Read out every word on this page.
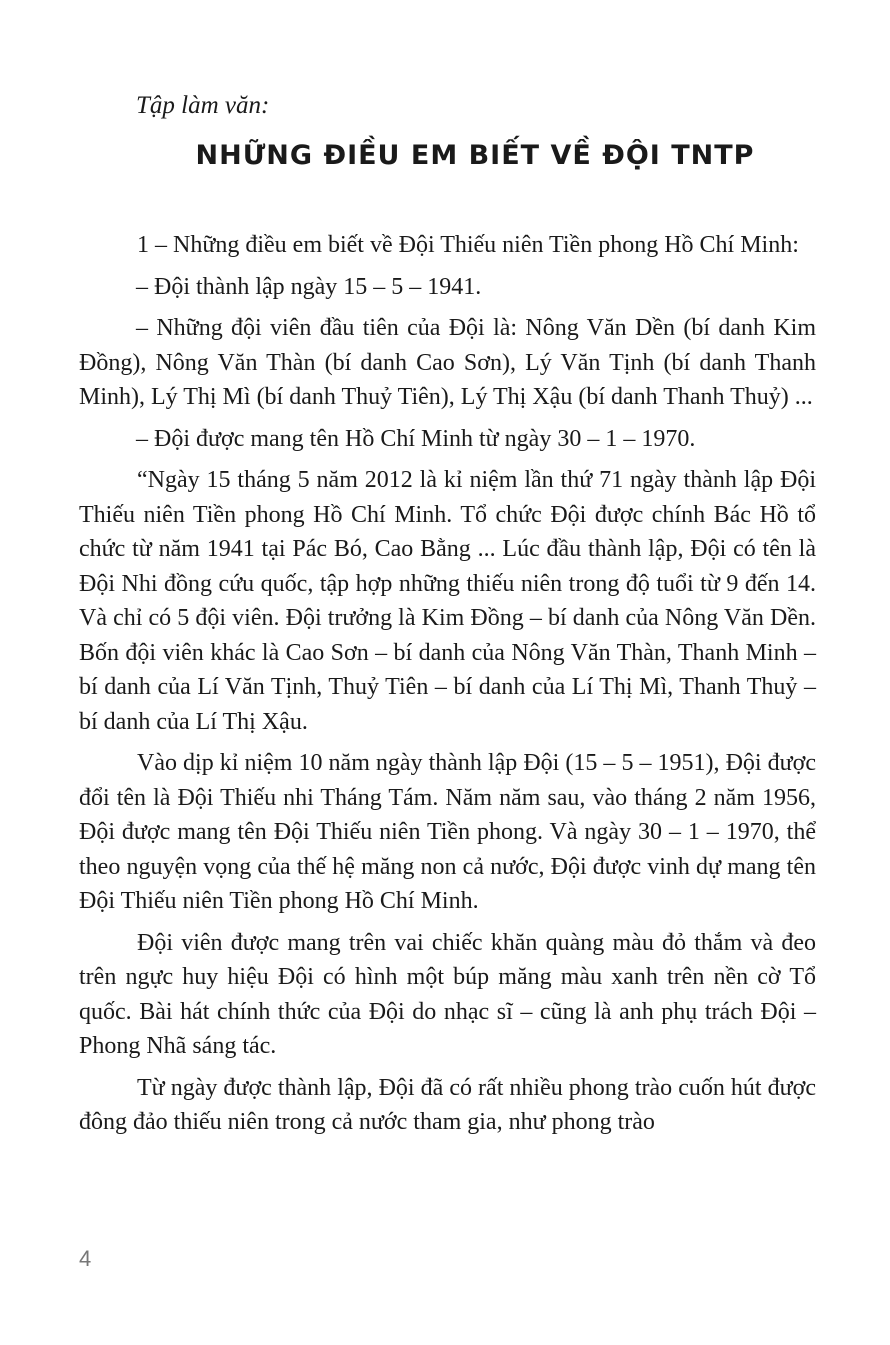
Tập làm văn:

NHỮNG ĐIỀU EM BIẾT VỀ ĐỘI TNTP

1 – Những điều em biết về Đội Thiếu niên Tiền phong Hồ Chí Minh:

– Đội thành lập ngày 15 – 5 – 1941.

– Những đội viên đầu tiên của Đội là: Nông Văn Dền (bí danh Kim Đồng), Nông Văn Thàn (bí danh Cao Sơn), Lý Văn Tịnh (bí danh Thanh Minh), Lý Thị Mì (bí danh Thuỷ Tiên), Lý Thị Xậu (bí danh Thanh Thuỷ) ...

– Đội được mang tên Hồ Chí Minh từ ngày 30 – 1 – 1970.

“Ngày 15 tháng 5 năm 2012 là kỉ niệm lần thứ 71 ngày thành lập Đội Thiếu niên Tiền phong Hồ Chí Minh. Tổ chức Đội được chính Bác Hồ tổ chức từ năm 1941 tại Pác Bó, Cao Bằng ... Lúc đầu thành lập, Đội có tên là Đội Nhi đồng cứu quốc, tập hợp những thiếu niên trong độ tuổi từ 9 đến 14. Và chỉ có 5 đội viên. Đội trưởng là Kim Đồng – bí danh của Nông Văn Dền. Bốn đội viên khác là Cao Sơn – bí danh của Nông Văn Thàn, Thanh Minh – bí danh của Lí Văn Tịnh, Thuỷ Tiên – bí danh của Lí Thị Mì, Thanh Thuỷ – bí danh của Lí Thị Xậu.

Vào dịp kỉ niệm 10 năm ngày thành lập Đội (15 – 5 – 1951), Đội được đổi tên là Đội Thiếu nhi Tháng Tám. Năm năm sau, vào tháng 2 năm 1956, Đội được mang tên Đội Thiếu niên Tiền phong. Và ngày 30 – 1 – 1970, thể theo nguyện vọng của thế hệ măng non cả nước, Đội được vinh dự mang tên Đội Thiếu niên Tiền phong Hồ Chí Minh.

Đội viên được mang trên vai chiếc khăn quàng màu đỏ thắm và đeo trên ngực huy hiệu Đội có hình một búp măng màu xanh trên nền cờ Tổ quốc. Bài hát chính thức của Đội do nhạc sĩ – cũng là anh phụ trách Đội – Phong Nhã sáng tác.

Từ ngày được thành lập, Đội đã có rất nhiều phong trào cuốn hút được đông đảo thiếu niên trong cả nước tham gia, như phong trào

4
